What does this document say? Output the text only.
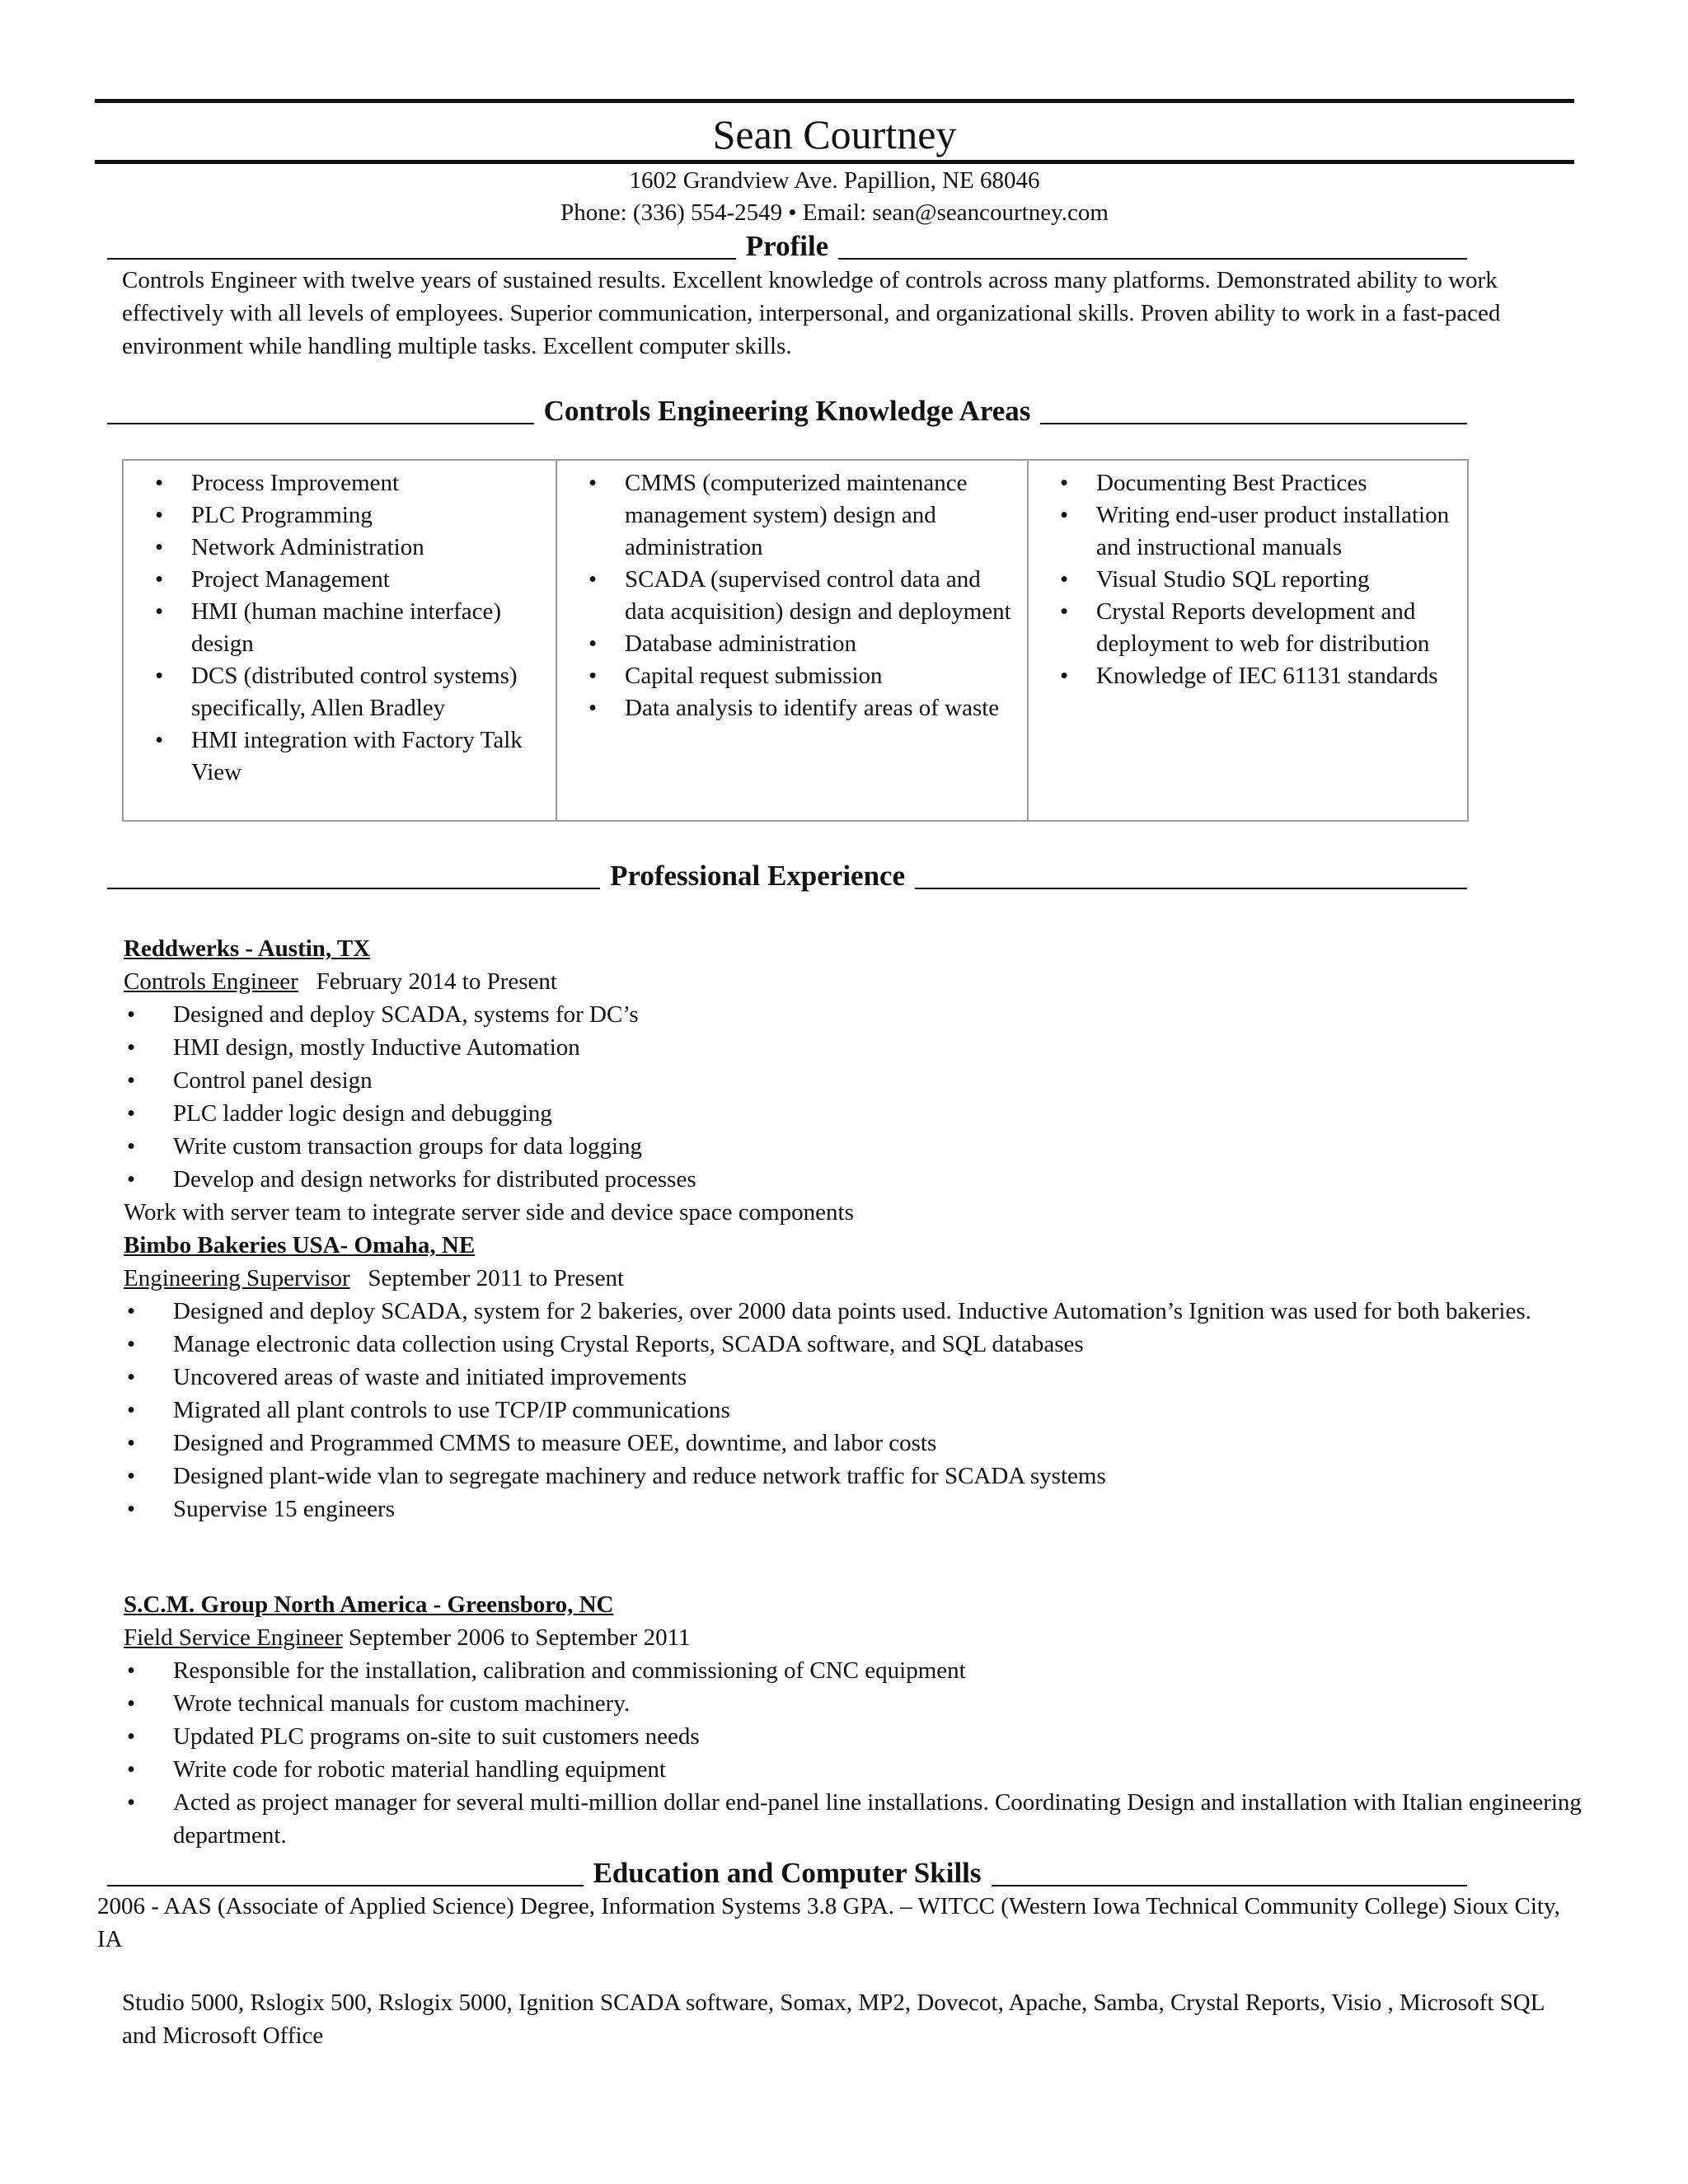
Sean Courtney
1602 Grandview Ave. Papillion, NE 68046
Phone: (336) 554-2549 • Email: sean@seancourtney.com
Profile

Controls Engineer with twelve years of sustained results. Excellent knowledge of controls across many platforms. Demonstrated ability to work effectively with all levels of employees. Superior communication, interpersonal, and organizational skills. Proven ability to work in a fast-paced environment while handling multiple tasks. Excellent computer skills.

Controls Engineering Knowledge Areas
• Process Improvement
• PLC Programming
• Network Administration
• Project Management
• HMI (human machine interface) design
• DCS (distributed control systems) specifically, Allen Bradley
• HMI integration with Factory Talk View
• CMMS (computerized maintenance management system) design and administration
• SCADA (supervised control data and data acquisition) design and deployment
• Database administration
• Capital request submission
• Data analysis to identify areas of waste
• Documenting Best Practices
• Writing end-user product installation and instructional manuals
• Visual Studio SQL reporting
• Crystal Reports development and deployment to web for distribution
• Knowledge of IEC 61131 standards
Professional Experience
Reddwerks - Austin, TX
Controls Engineer   February 2014 to Present
• Designed and deploy SCADA, systems for DC’s
• HMI design, mostly Inductive Automation
• Control panel design
• PLC ladder logic design and debugging
• Write custom transaction groups for data logging
• Develop and design networks for distributed processes
Work with server team to integrate server side and device space components
Bimbo Bakeries USA- Omaha, NE
Engineering Supervisor   September 2011 to Present
• Designed and deploy SCADA, system for 2 bakeries, over 2000 data points used. Inductive Automation’s Ignition was used for both bakeries.
• Manage electronic data collection using Crystal Reports, SCADA software, and SQL databases
• Uncovered areas of waste and initiated improvements
• Migrated all plant controls to use TCP/IP communications
• Designed and Programmed CMMS to measure OEE, downtime, and labor costs
• Designed plant-wide vlan to segregate machinery and reduce network traffic for SCADA systems
• Supervise 15 engineers
S.C.M. Group North America - Greensboro, NC
Field Service Engineer September 2006 to September 2011
• Responsible for the installation, calibration and commissioning of CNC equipment
• Wrote technical manuals for custom machinery.
• Updated PLC programs on-site to suit customers needs
• Write code for robotic material handling equipment
• Acted as project manager for several multi-million dollar end-panel line installations. Coordinating Design and installation with Italian engineering department.
Education and Computer Skills

2006 - AAS (Associate of Applied Science) Degree, Information Systems 3.8 GPA. – WITCC (Western Iowa Technical Community College) Sioux City, IA

Studio 5000, Rslogix 500, Rslogix 5000, Ignition SCADA software, Somax, MP2, Dovecot, Apache, Samba, Crystal Reports, Visio , Microsoft SQL and Microsoft Office
